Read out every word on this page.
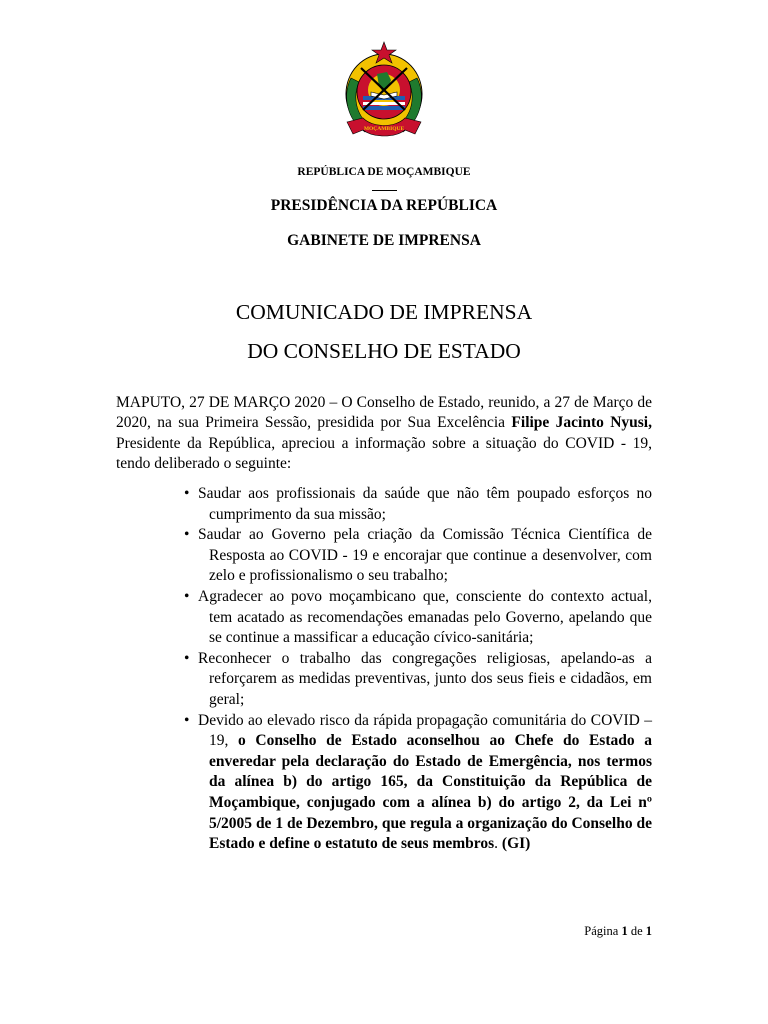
MOÇAMBIQUE
REPÚBLICA DE MOÇAMBIQUE
PRESIDÊNCIA DA REPÚBLICA
GABINETE DE IMPRENSA
COMUNICADO DE IMPRENSA
DO CONSELHO DE ESTADO

MAPUTO, 27 DE MARÇO 2020 – O Conselho de Estado, reunido, a 27 de Março de 2020, na sua Primeira Sessão, presidida por Sua Excelência Filipe Jacinto Nyusi, Presidente da República, apreciou a informação sobre a situação do COVID - 19, tendo deliberado o seguinte:

• Saudar aos profissionais da saúde que não têm poupado esforços no cumprimento da sua missão;
• Saudar ao Governo pela criação da Comissão Técnica Científica de Resposta ao COVID - 19 e encorajar que continue a desenvolver, com zelo e profissionalismo o seu trabalho;
• Agradecer ao povo moçambicano que, consciente do contexto actual, tem acatado as recomendações emanadas pelo Governo, apelando que se continue a massificar a educação cívico-sanitária;
• Reconhecer o trabalho das congregações religiosas, apelando-as a reforçarem as medidas preventivas, junto dos seus fieis e cidadãos, em geral;
• Devido ao elevado risco da rápida propagação comunitária do COVID – 19, o Conselho de Estado aconselhou ao Chefe do Estado a enveredar pela declaração do Estado de Emergência, nos termos da alínea b) do artigo 165, da Constituição da República de Moçambique, conjugado com a alínea b) do artigo 2, da Lei nº 5/2005 de 1 de Dezembro, que regula a organização do Conselho de Estado e define o estatuto de seus membros. (GI)
Página 1 de 1
